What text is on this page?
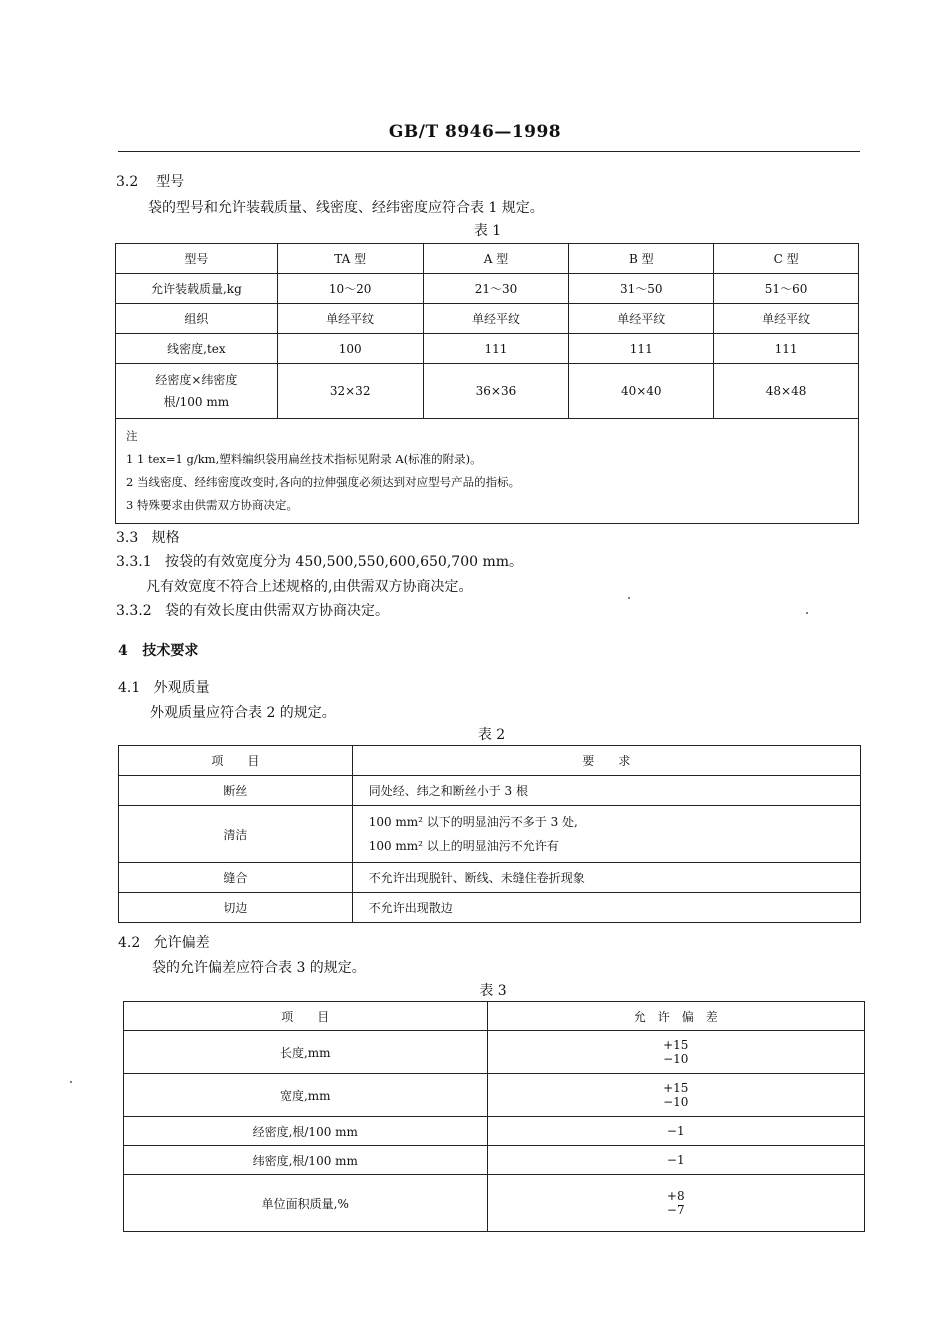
GB/T 8946—1998
3.2 型号
袋的型号和允许装载质量、线密度、经纬密度应符合表 1 规定。
表 1
型号	TA 型	A 型	B 型	C 型
允许装载质量,kg	10～20	21～30	31～50	51～60
组织	单经平纹	单经平纹	单经平纹	单经平纹
线密度,tex	100	111	111	111

经密度×纬密度
根/100 mm	32×32	36×36	40×40	48×48

注
1 1 tex=1 g/km,塑料编织袋用扁丝技术指标见附录 A(标准的附录)。
2 当线密度、经纬密度改变时,各向的拉伸强度必须达到对应型号产品的指标。
3 特殊要求由供需双方协商决定。				
3.3 规格
3.3.1 按袋的有效宽度分为 450,500,550,600,650,700 mm。
凡有效宽度不符合上述规格的,由供需双方协商决定。
3.3.2 袋的有效长度由供需双方协商决定。
4 技术要求
4.1 外观质量
外观质量应符合表 2 的规定。
表 2
项　　目	要　　求
断丝	同处经、纬之和断丝小于 3 根
清洁	100 mm² 以下的明显油污不多于 3 处,
100 mm² 以上的明显油污不允许有

缝合	不允许出现脱针、断线、未缝住卷折现象
切边	不允许出现散边
4.2 允许偏差
袋的允许偏差应符合表 3 的规定。
表 3
项　　目	允　许　偏　差
长度,mm	+15
−10

宽度,mm	+15
−10

经密度,根/100 mm	−1
纬密度,根/100 mm	−1
单位面积质量,%	+8
−7
